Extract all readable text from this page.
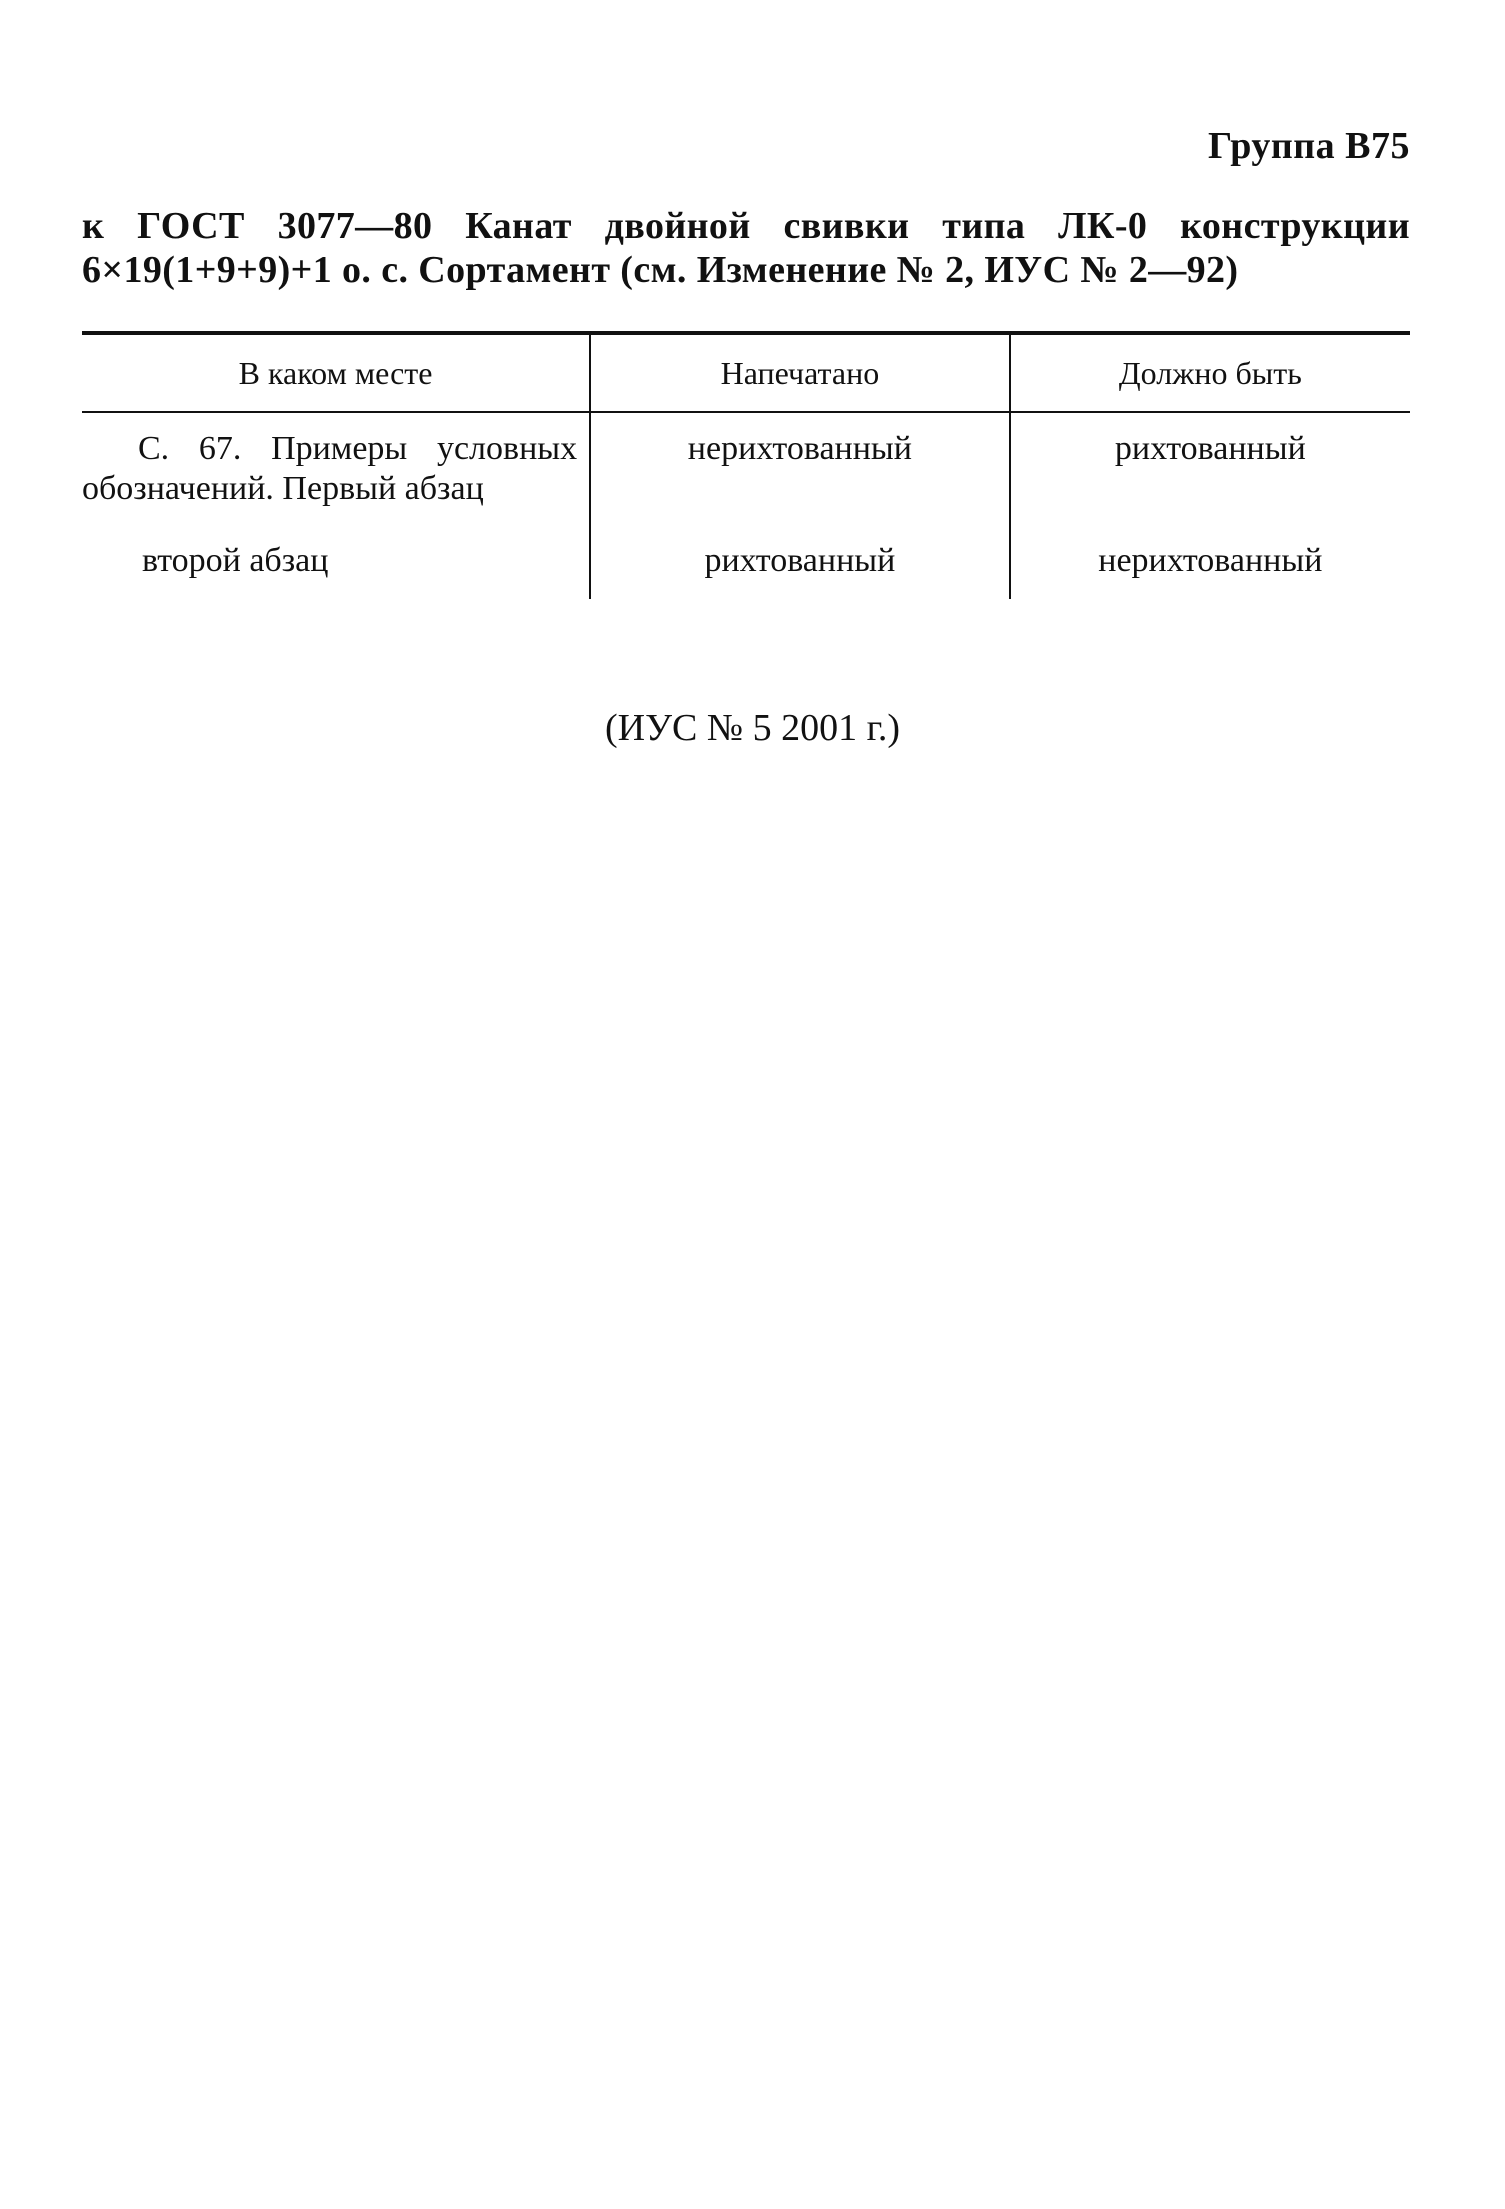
Группа В75
к ГОСТ 3077—80 Канат двойной свивки типа ЛК-0 конструкции
6×19(1+9+9)+1 о. с. Сортамент (см. Изменение № 2, ИУС № 2—92)
В каком месте	Напечатано	Должно быть
С. 67. Примеры условных обозначений. Первый абзац	нерихтованный	рихтованный
второй абзац	рихтованный	нерихтованный
(ИУС № 5 2001 г.)
